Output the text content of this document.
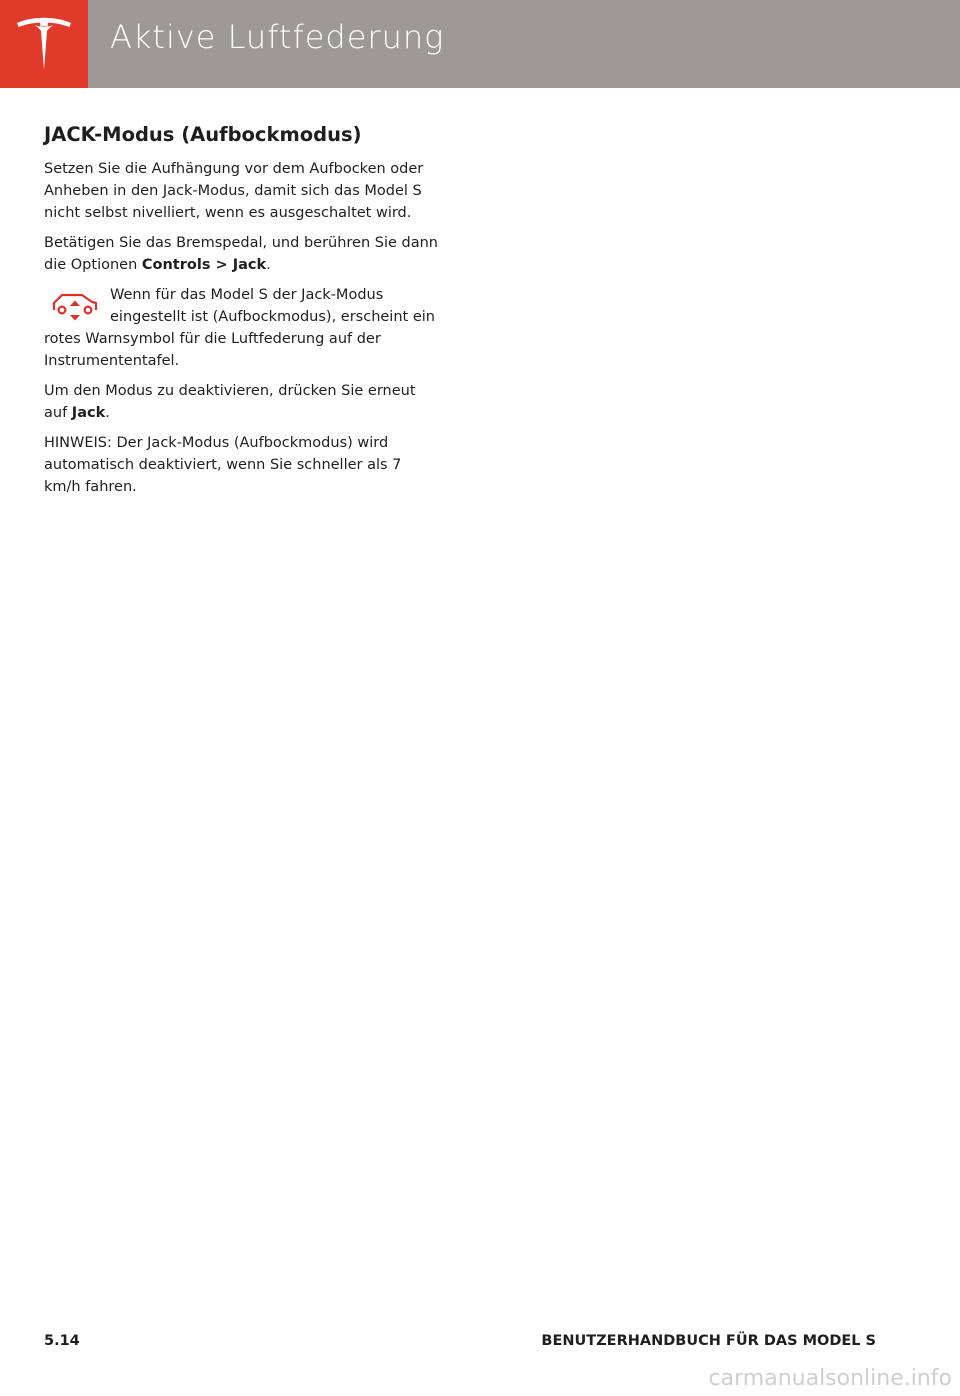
Aktive Luftfederung
JACK-Modus (Aufbockmodus)

Setzen Sie die Aufhängung vor dem Aufbocken oder Anheben in den Jack-Modus, damit sich das Model S nicht selbst nivelliert, wenn es ausgeschaltet wird.

Betätigen Sie das Bremspedal, und berühren Sie dann die Optionen Controls > Jack.

Wenn für das Model S der Jack-Modus eingestellt ist (Aufbockmodus), erscheint ein rotes Warnsymbol für die Luftfederung auf der Instrumententafel.

Um den Modus zu deaktivieren, drücken Sie erneut auf Jack.

HINWEIS: Der Jack-Modus (Aufbockmodus) wird automatisch deaktiviert, wenn Sie schneller als 7 km/h fahren.

5.14	BENUTZERHANDBUCH FÜR DAS MODEL S
carmanualsonline.info
